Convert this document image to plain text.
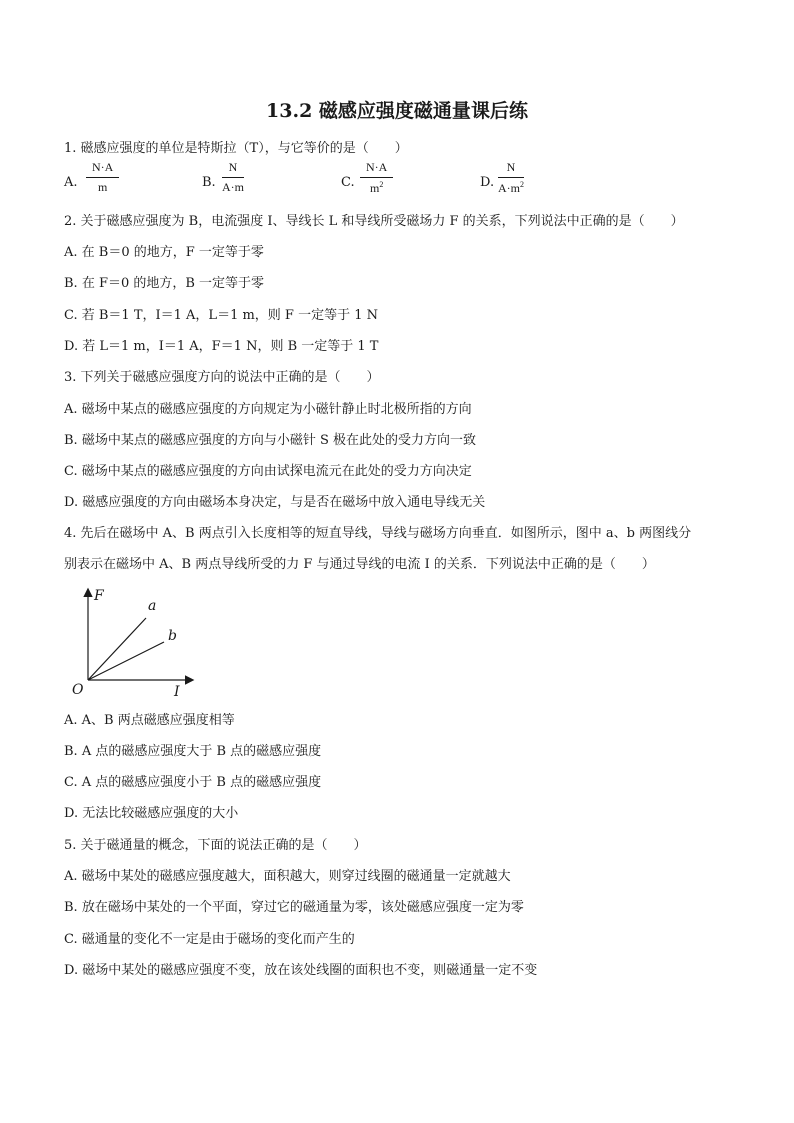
13.2 磁感应强度磁通量课后练
1. 磁感应强度的单位是特斯拉（T），与它等价的是（　　）
A. $\frac{N\cdot A}{m}$	B. $\frac{N}{A\cdot m}$	C. $\frac{N\cdot A}{m^2}$	D. $\frac{N}{A\cdot m^2}$
2. 关于磁感应强度为 B，电流强度 I、导线长 L 和导线所受磁场力 F 的关系，下列说法中正确的是（　　）
A. 在 B＝0 的地方，F 一定等于零
B. 在 F＝0 的地方，B 一定等于零
C. 若 B＝1 T，I＝1 A，L＝1 m，则 F 一定等于 1 N
D. 若 L＝1 m，I＝1 A，F＝1 N，则 B 一定等于 1 T
3. 下列关于磁感应强度方向的说法中正确的是（　　）
A. 磁场中某点的磁感应强度的方向规定为小磁针静止时北极所指的方向
B. 磁场中某点的磁感应强度的方向与小磁针 S 极在此处的受力方向一致
C. 磁场中某点的磁感应强度的方向由试探电流元在此处的受力方向决定
D. 磁感应强度的方向由磁场本身决定，与是否在磁场中放入通电导线无关
4. 先后在磁场中 A、B 两点引入长度相等的短直导线，导线与磁场方向垂直．如图所示，图中 a、b 两图线分
别表示在磁场中 A、B 两点导线所受的力 F 与通过导线的电流 I 的关系．下列说法中正确的是（　　）
F
I
O
a
b
A. A、B 两点磁感应强度相等
B. A 点的磁感应强度大于 B 点的磁感应强度
C. A 点的磁感应强度小于 B 点的磁感应强度
D. 无法比较磁感应强度的大小
5. 关于磁通量的概念，下面的说法正确的是（　　）
A. 磁场中某处的磁感应强度越大，面积越大，则穿过线圈的磁通量一定就越大
B. 放在磁场中某处的一个平面，穿过它的磁通量为零，该处磁感应强度一定为零
C. 磁通量的变化不一定是由于磁场的变化而产生的
D. 磁场中某处的磁感应强度不变，放在该处线圈的面积也不变，则磁通量一定不变
